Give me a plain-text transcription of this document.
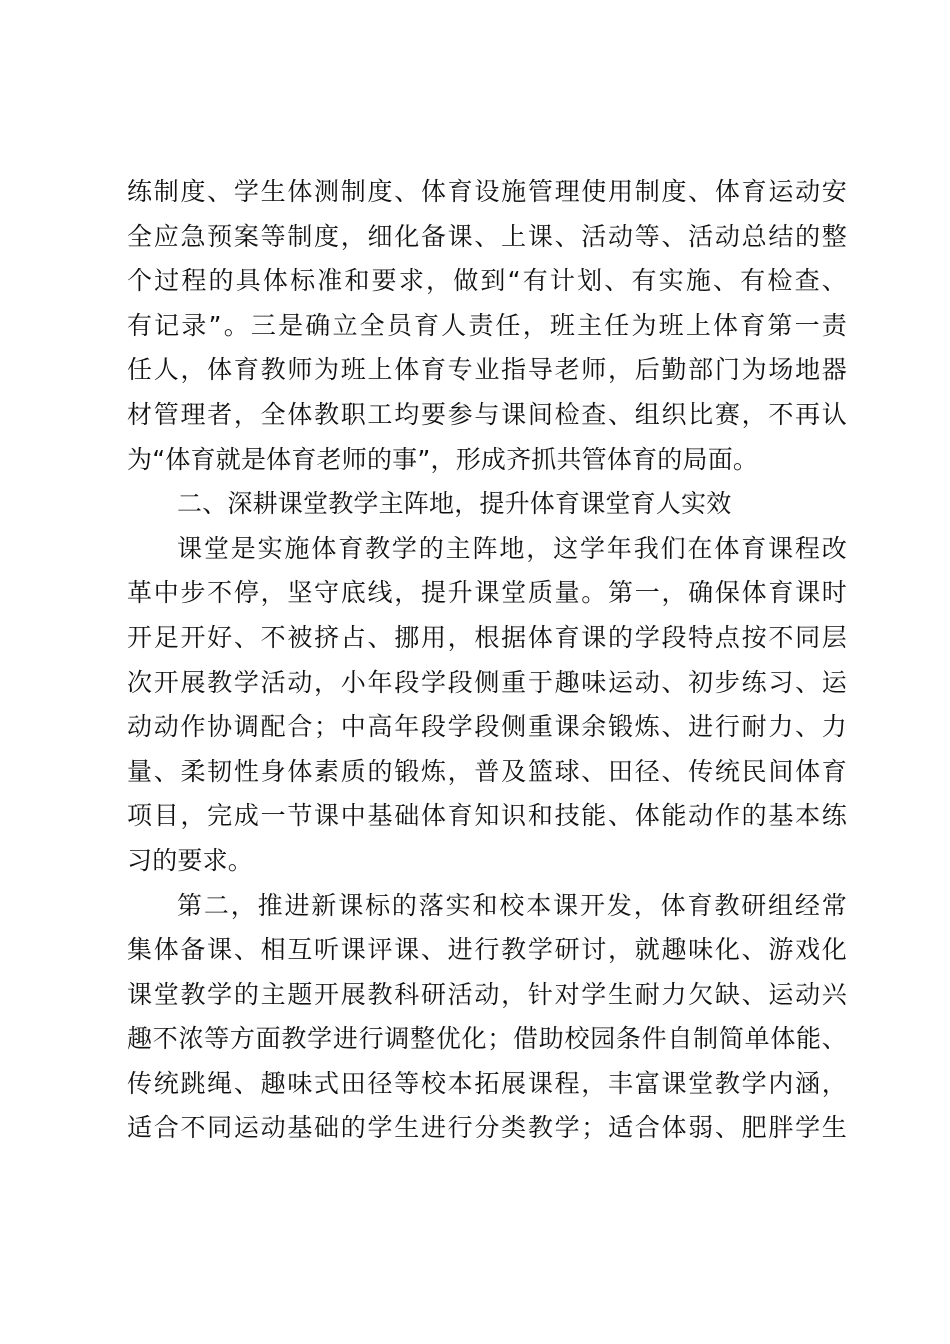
练制度、学生体测制度、体育设施管理使用制度、体育运动安
全应急预案等制度，细化备课、上课、活动等、活动总结的整
个过程的具体标准和要求，做到“有计划、有实施、有检查、
有记录”。三是确立全员育人责任，班主任为班上体育第一责
任人，体育教师为班上体育专业指导老师，后勤部门为场地器
材管理者，全体教职工均要参与课间检查、组织比赛，不再认
为“体育就是体育老师的事”，形成齐抓共管体育的局面。
二、深耕课堂教学主阵地，提升体育课堂育人实效
课堂是实施体育教学的主阵地，这学年我们在体育课程改
革中步不停，坚守底线，提升课堂质量。第一，确保体育课时
开足开好、不被挤占、挪用，根据体育课的学段特点按不同层
次开展教学活动，小年段学段侧重于趣味运动、初步练习、运
动动作协调配合；中高年段学段侧重课余锻炼、进行耐力、力
量、柔韧性身体素质的锻炼，普及篮球、田径、传统民间体育
项目，完成一节课中基础体育知识和技能、体能动作的基本练
习的要求。
第二，推进新课标的落实和校本课开发，体育教研组经常
集体备课、相互听课评课、进行教学研讨，就趣味化、游戏化
课堂教学的主题开展教科研活动，针对学生耐力欠缺、运动兴
趣不浓等方面教学进行调整优化；借助校园条件自制简单体能、
传统跳绳、趣味式田径等校本拓展课程，丰富课堂教学内涵，
适合不同运动基础的学生进行分类教学；适合体弱、肥胖学生
